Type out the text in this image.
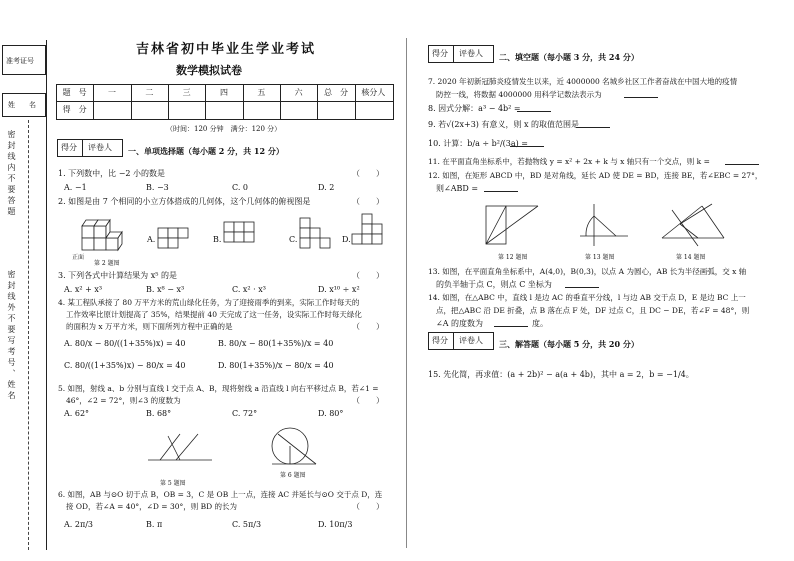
准考证号
姓名
密封线内不要答题
密封线外不要写考号、姓名
吉林省初中毕业生学业考试
数学模拟试卷
题　号	一	二	三	四	五	六	总　分	核分人
得　分
（时间：120 分钟　满分：120 分）
得分 评卷人 一、单项选择题（每小题 2 分，共 12 分）
1. 下列数中，比 −2 小的数是	（　　）
A. −1	B. −3	C. 0	D. 2
2. 如图是由 7 个相同的小立方体搭成的几何体，这个几何体的俯视图是	（　　）
A.	B.	C.	D.
正面
第 2 题图
3. 下列各式中计算结果为 x⁵ 的是	（　　）
A. x² + x³	B. x⁸ − x³	C. x² · x³	D. x¹⁰ ÷ x²
4. 某工程队承接了 80 万平方米的荒山绿化任务，为了迎接雨季的到来，实际工作时每天的
工作效率比原计划提高了 35%，结果提前 40 天完成了这一任务，设实际工作时每天绿化
的面积为 x 万平方米，则下面所列方程中正确的是	（　　）
A. 80/x − 80/((1+35%)x) = 40	B. 80/x − 80(1+35%)/x = 40
C. 80/((1+35%)x) − 80/x = 40	D. 80(1+35%)/x − 80/x = 40
5. 如图，射线 a、b 分别与直线 l 交于点 A、B，现将射线 a 沿直线 l 向右平移过点 B，若∠1 =
46°，∠2 = 72°，则∠3 的度数为	（　　）
A. 62°	B. 68°	C. 72°	D. 80°
第 5 题图
第 6 题图
6. 如图，AB 与⊙O 切于点 B，OB = 3，C 是 OB 上一点，连接 AC 并延长与⊙O 交于点 D，连
接 OD，若∠A = 40°，∠D = 30°，则 BD 的长为	（　　）
A. 2π/3	B. π	C. 5π/3	D. 10π/3
得分 评卷人 二、填空题（每小题 3 分，共 24 分）
7. 2020 年初新冠肺炎疫情发生以来，近 4000000 名城乡社区工作者奋战在中国大地的疫情
防控一线，将数据 4000000 用科学记数法表示为
8. 因式分解：a³ − 4b² =
9. 若√(2x+3) 有意义，则 x 的取值范围是
10. 计算：b/a ÷ b²/(3a) =
11. 在平面直角坐标系中，若抛物线 y = x² + 2x + k 与 x 轴只有一个交点，则 k =
12. 如图，在矩形 ABCD 中，BD 是对角线，延长 AD 使 DE = BD，连接 BE，若∠EBC = 27°，
则∠ABD =
第 12 题图	第 13 题图	第 14 题图
13. 如图，在平面直角坐标系中，A(4,0)，B(0,3)，以点 A 为圆心，AB 长为半径画弧，交 x 轴
的负半轴于点 C，则点 C 坐标为
14. 如图，在△ABC 中，直线 l 是边 AC 的垂直平分线，l 与边 AB 交于点 D，E 是边 BC 上一
点，把△ABC 沿 DE 折叠，点 B 落在点 F 处，DF 过点 C，且 DC − DE，若∠F = 48°，则
∠A 的度数为	度。
得分 评卷人 三、解答题（每小题 5 分，共 20 分）
15. 先化简，再求值：(a + 2b)² − a(a + 4b)，其中 a = 2，b = −1/4。
